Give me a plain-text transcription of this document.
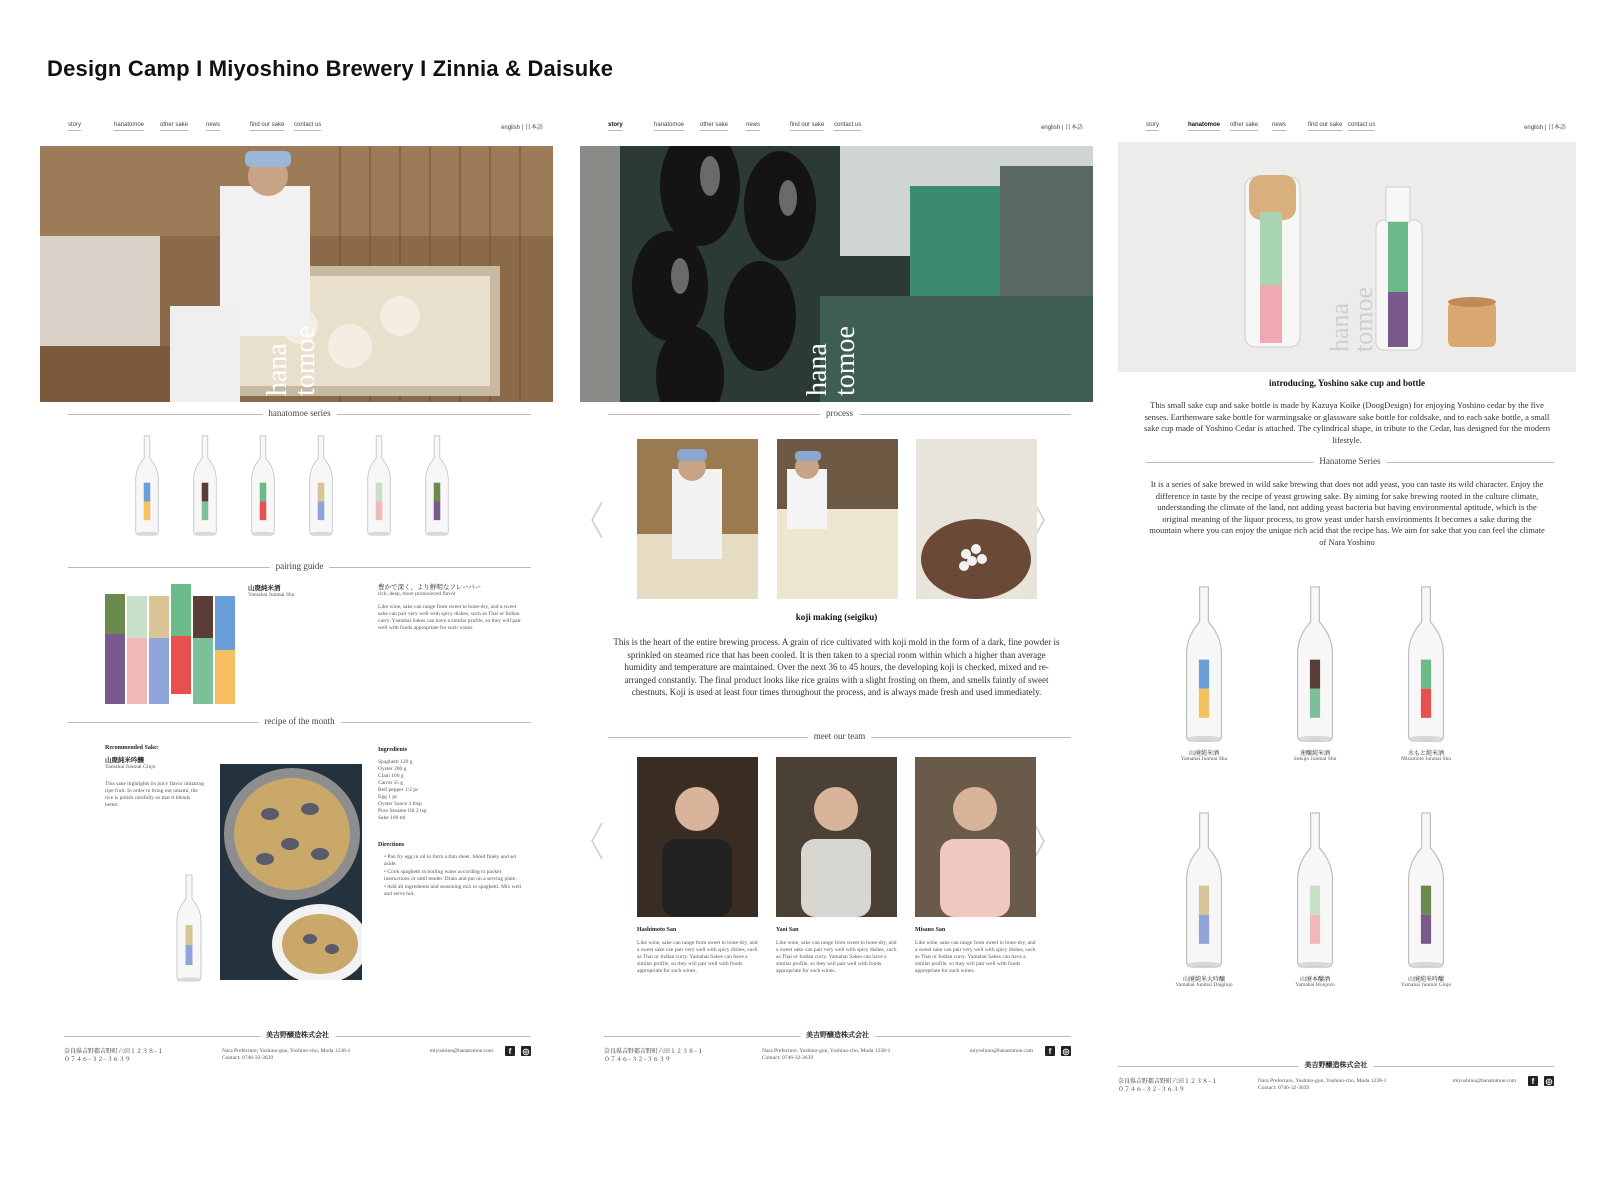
Design Camp I Miyoshino Brewery I Zinnia & Daisuke
story	hanatomoe	other sake	news	find our sake contact us	english | 日本語
hana
tomoe
hanatomoe series
pairing guide
山廃純米酒
Yamahai Junmai Shu
豊かで深く、より鮮明なフレーバー
rich, deep, more pronounced flavor
Like wine, sake can range from sweet to bone-dry, and a sweet sake can pair very well with spicy dishes, such as Thai or Indian curry. Yamahai Sakes can have a similar profile, so they will pair well with foods appropriate for such wines.
recipe of the month
Recommended Sake:
山廃純米吟醸
Yamahai Junmai Ginjo
This sake highlights its juicy flavor imitating ripe fruit. In order to bring out umami, the rice is polish carefully so that it blends better.
Ingredients
Spaghetti 120 g
Oyster 200 g
Clam 100 g
Carrot 35 g
Bell pepper 1/2 pc
Egg 1 pc
Oyster Sauce 3 tbsp
Pure Sesame Oil 2 tsp
Sake 100 ml
Directions
• Pan fry egg in oil to form a thin sheet. Shred finely and set aside.
• Cook spaghetti in boiling water according to packet instructions or until tender. Drain and put on a serving plate.
• Add all ingredients and seasoning mix to spaghetti. Mix well and serve hot.
美吉野醸造株式会社
奈良県吉野郡吉野町六田１２３８−１
０７４６−３２−３６３９
Nara Prefecture, Yoshino-gun, Yoshino-cho, Muda 1238-1
Contact: 0746-32-3639
miyoshino@hanatomoe.com	f	◎
story	hanatomoe	other sake	news	find our sake contact us	english | 日本語
hana
tomoe
process
koji making (seigiku)
This is the heart of the entire brewing process. A grain of rice cultivated with koji mold in the form of a dark, fine powder is sprinkled on steamed rice that has been cooled. It is then taken to a special room within which a higher than average humidity and temperature are maintained. Over the next 36 to 45 hours, the developing koji is checked, mixed and re-arranged constantly. The final product looks like rice grains with a slight frosting on them, and smells faintly of sweet chestnuts. Koji is used at least four times throughout the process, and is always made fresh and used immediately.
meet our team
美吉野醸造株式会社
奈良県吉野郡吉野町六田１２３８−１
０７４６−３２−３６３９
Nara Prefecture, Yoshino-gun, Yoshino-cho, Muda 1238-1
Contact: 0746-32-3639
miyoshino@hanatomoe.com	f	◎
Hashimoto San
Like wine, sake can range from sweet to bone-dry, and a sweet sake can pair very well with spicy dishes, such as Thai or Indian curry. Yamahai Sakes can have a similar profile, so they will pair well with foods appropriate for such wines.
Yaoi San
Like wine, sake can range from sweet to bone-dry, and a sweet sake can pair very well with spicy dishes, such as Thai or Indian curry. Yamahai Sakes can have a similar profile, so they will pair well with foods appropriate for such wines.
Misano San
Like wine, sake can range from sweet to bone-dry, and a sweet sake can pair very well with spicy dishes, such as Thai or Indian curry. Yamahai Sakes can have a similar profile, so they will pair well with foods appropriate for such wines.
story	hanatomoe other sake news	find our sake contact us	english | 日本語
hana
tomoe
introducing, Yoshino sake cup and bottle
This small sake cup and sake bottle is made by Kazuya Koike (DoogDesign) for enjoying Yoshino cedar by the five senses. Earthenware sake bottle for warmingsake or glassware sake bottle for coldsake, and to each sake bottle, a small sake cup made of Yoshino Cedar is attached. The cylindrical shape, in tribute to the Cedar, has designed for the modern lifestyle.
Hanatome Series
It is a series of sake brewed in wild sake brewing that does not add yeast, you can taste its wild character. Enjoy the difference in taste by the recipe of yeast growing sake. By aiming for sake brewing rooted in the culture climate, understanding the climate of the land, not adding yeast bacteria but having environmental aptitude, which is the original meaning of the liquor process, to grow yeast under harsh environments It becomes a sake during the mountain where you can enjoy the unique rich acid that the recipe has. We aim for sake that you can feel the climate of Nara Yoshino
美吉野醸造株式会社
奈良県吉野郡吉野町六田１２３８−１
０７４６−３２−３６３９
Nara Prefecture, Yoshino-gun, Yoshino-cho, Muda 1238-1
Contact: 0746-32-3639
miyoshino@hanatomoe.com	f	◎
山廃純米酒
Yamahai Junmai Shu
速醸純米酒
Sokujo Junmai Shu
水もと純米酒
Mizumoto Junmai Shu
山廃純米大吟醸
Yamahai Junmai Daiginjo
山廃本醸酒
Yamahai Honjozo
山廃純米吟醸
Yamahai Junmai Ginjo
